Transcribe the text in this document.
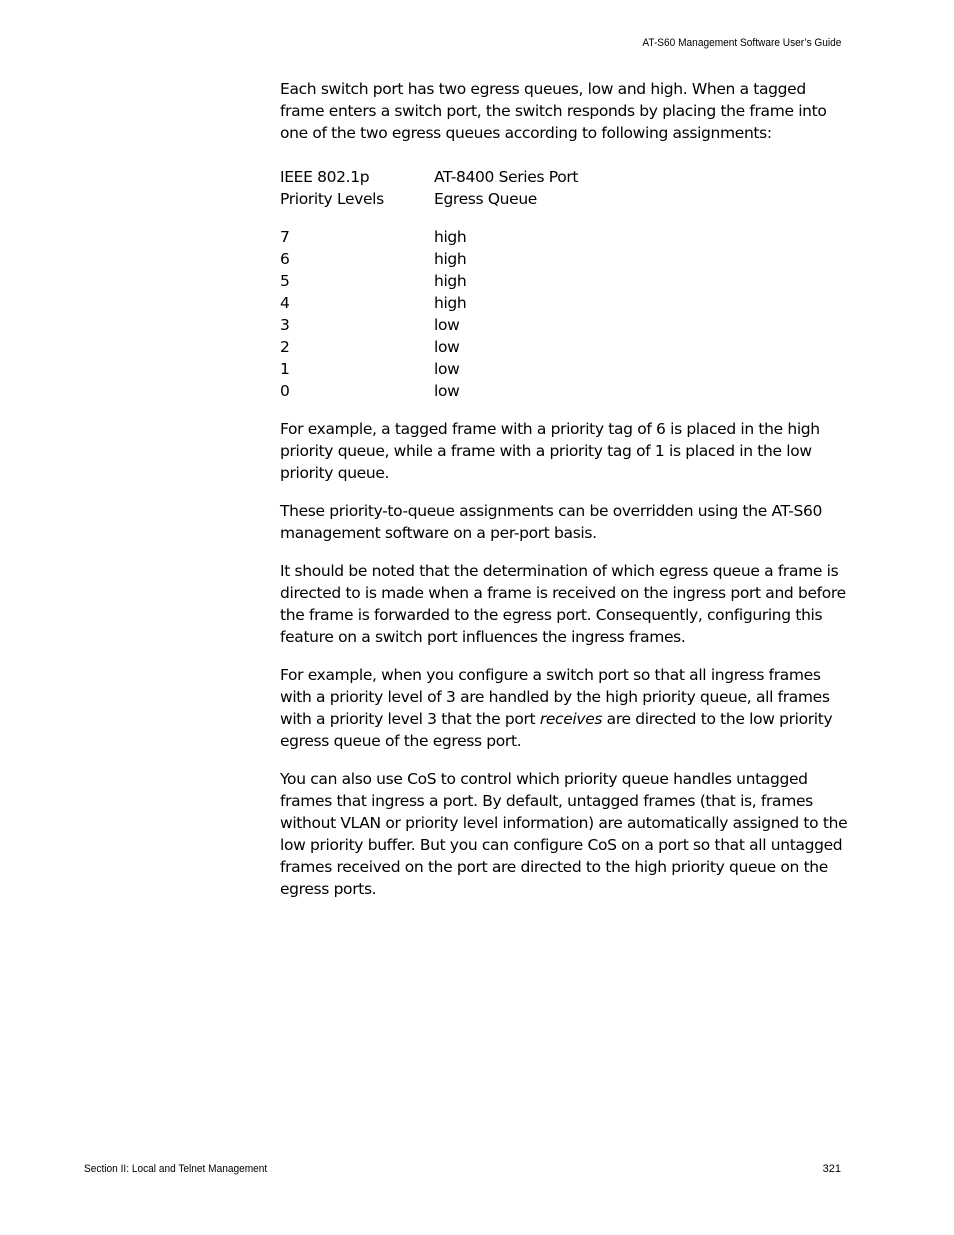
AT-S60 Management Software User’s Guide

Each switch port has two egress queues, low and high. When a tagged frame enters a switch port, the switch responds by placing the frame into one of the two egress queues according to following assignments:

IEEE 802.1p	AT-8400 Series Port
Priority Levels	Egress Queue
7	high
6	high
5	high
4	high
3	low
2	low
1	low
0	low

For example, a tagged frame with a priority tag of 6 is placed in the high priority queue, while a frame with a priority tag of 1 is placed in the low priority queue.

These priority-to-queue assignments can be overridden using the AT-S60 management software on a per-port basis.

It should be noted that the determination of which egress queue a frame is directed to is made when a frame is received on the ingress port and before the frame is forwarded to the egress port. Consequently, configuring this feature on a switch port influences the ingress frames.

For example, when you configure a switch port so that all ingress frames with a priority level of 3 are handled by the high priority queue, all frames with a priority level 3 that the port receives are directed to the low priority egress queue of the egress port.

You can also use CoS to control which priority queue handles untagged frames that ingress a port. By default, untagged frames (that is, frames without VLAN or priority level information) are automatically assigned to the low priority buffer. But you can configure CoS on a port so that all untagged frames received on the port are directed to the high priority queue on the egress ports.

Section II: Local and Telnet Management	321
